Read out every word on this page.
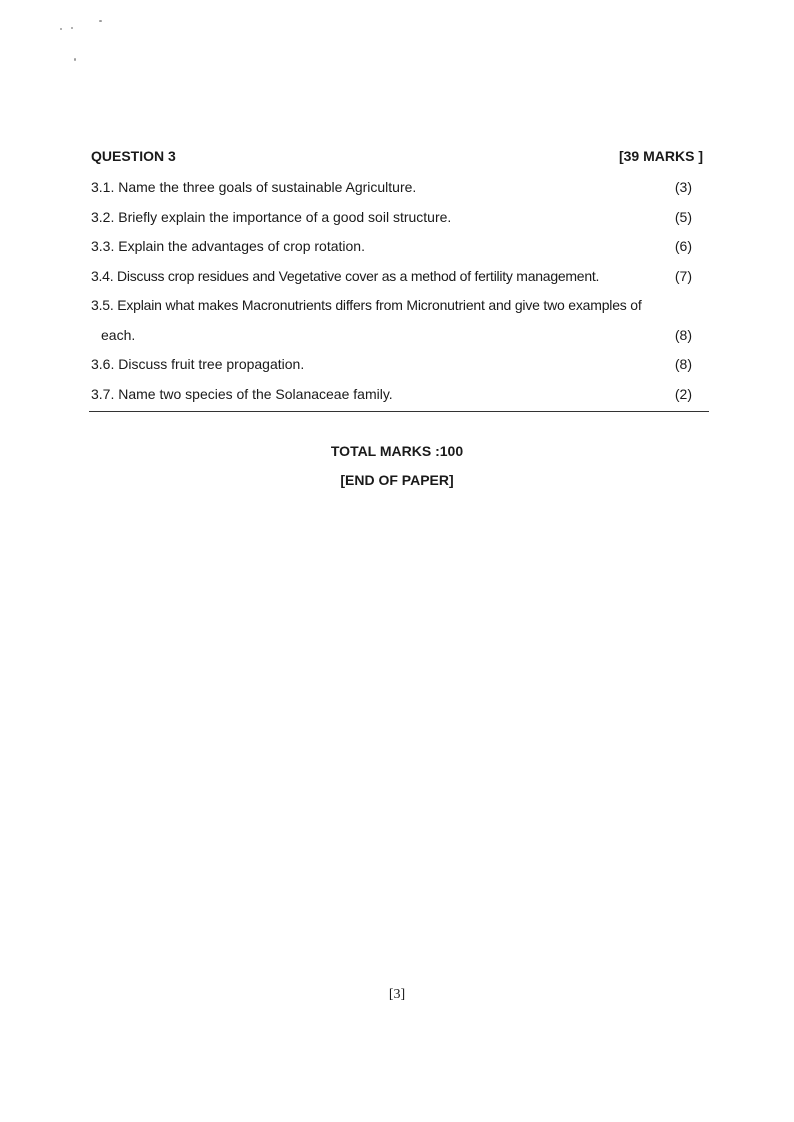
QUESTION 3	[39 MARKS ]
3.1. Name the three goals of sustainable Agriculture.	(3)
3.2. Briefly explain the importance of a good soil structure.	(5)
3.3. Explain the advantages of crop rotation.	(6)
3.4. Discuss crop residues and Vegetative cover as a method of fertility management.	(7)
3.5. Explain what makes Macronutrients differs from Micronutrient and give two examples of
each.	(8)
3.6. Discuss fruit tree propagation.	(8)
3.7. Name two species of the Solanaceae family.	(2)
TOTAL MARKS :100
[END OF PAPER]
[3]
